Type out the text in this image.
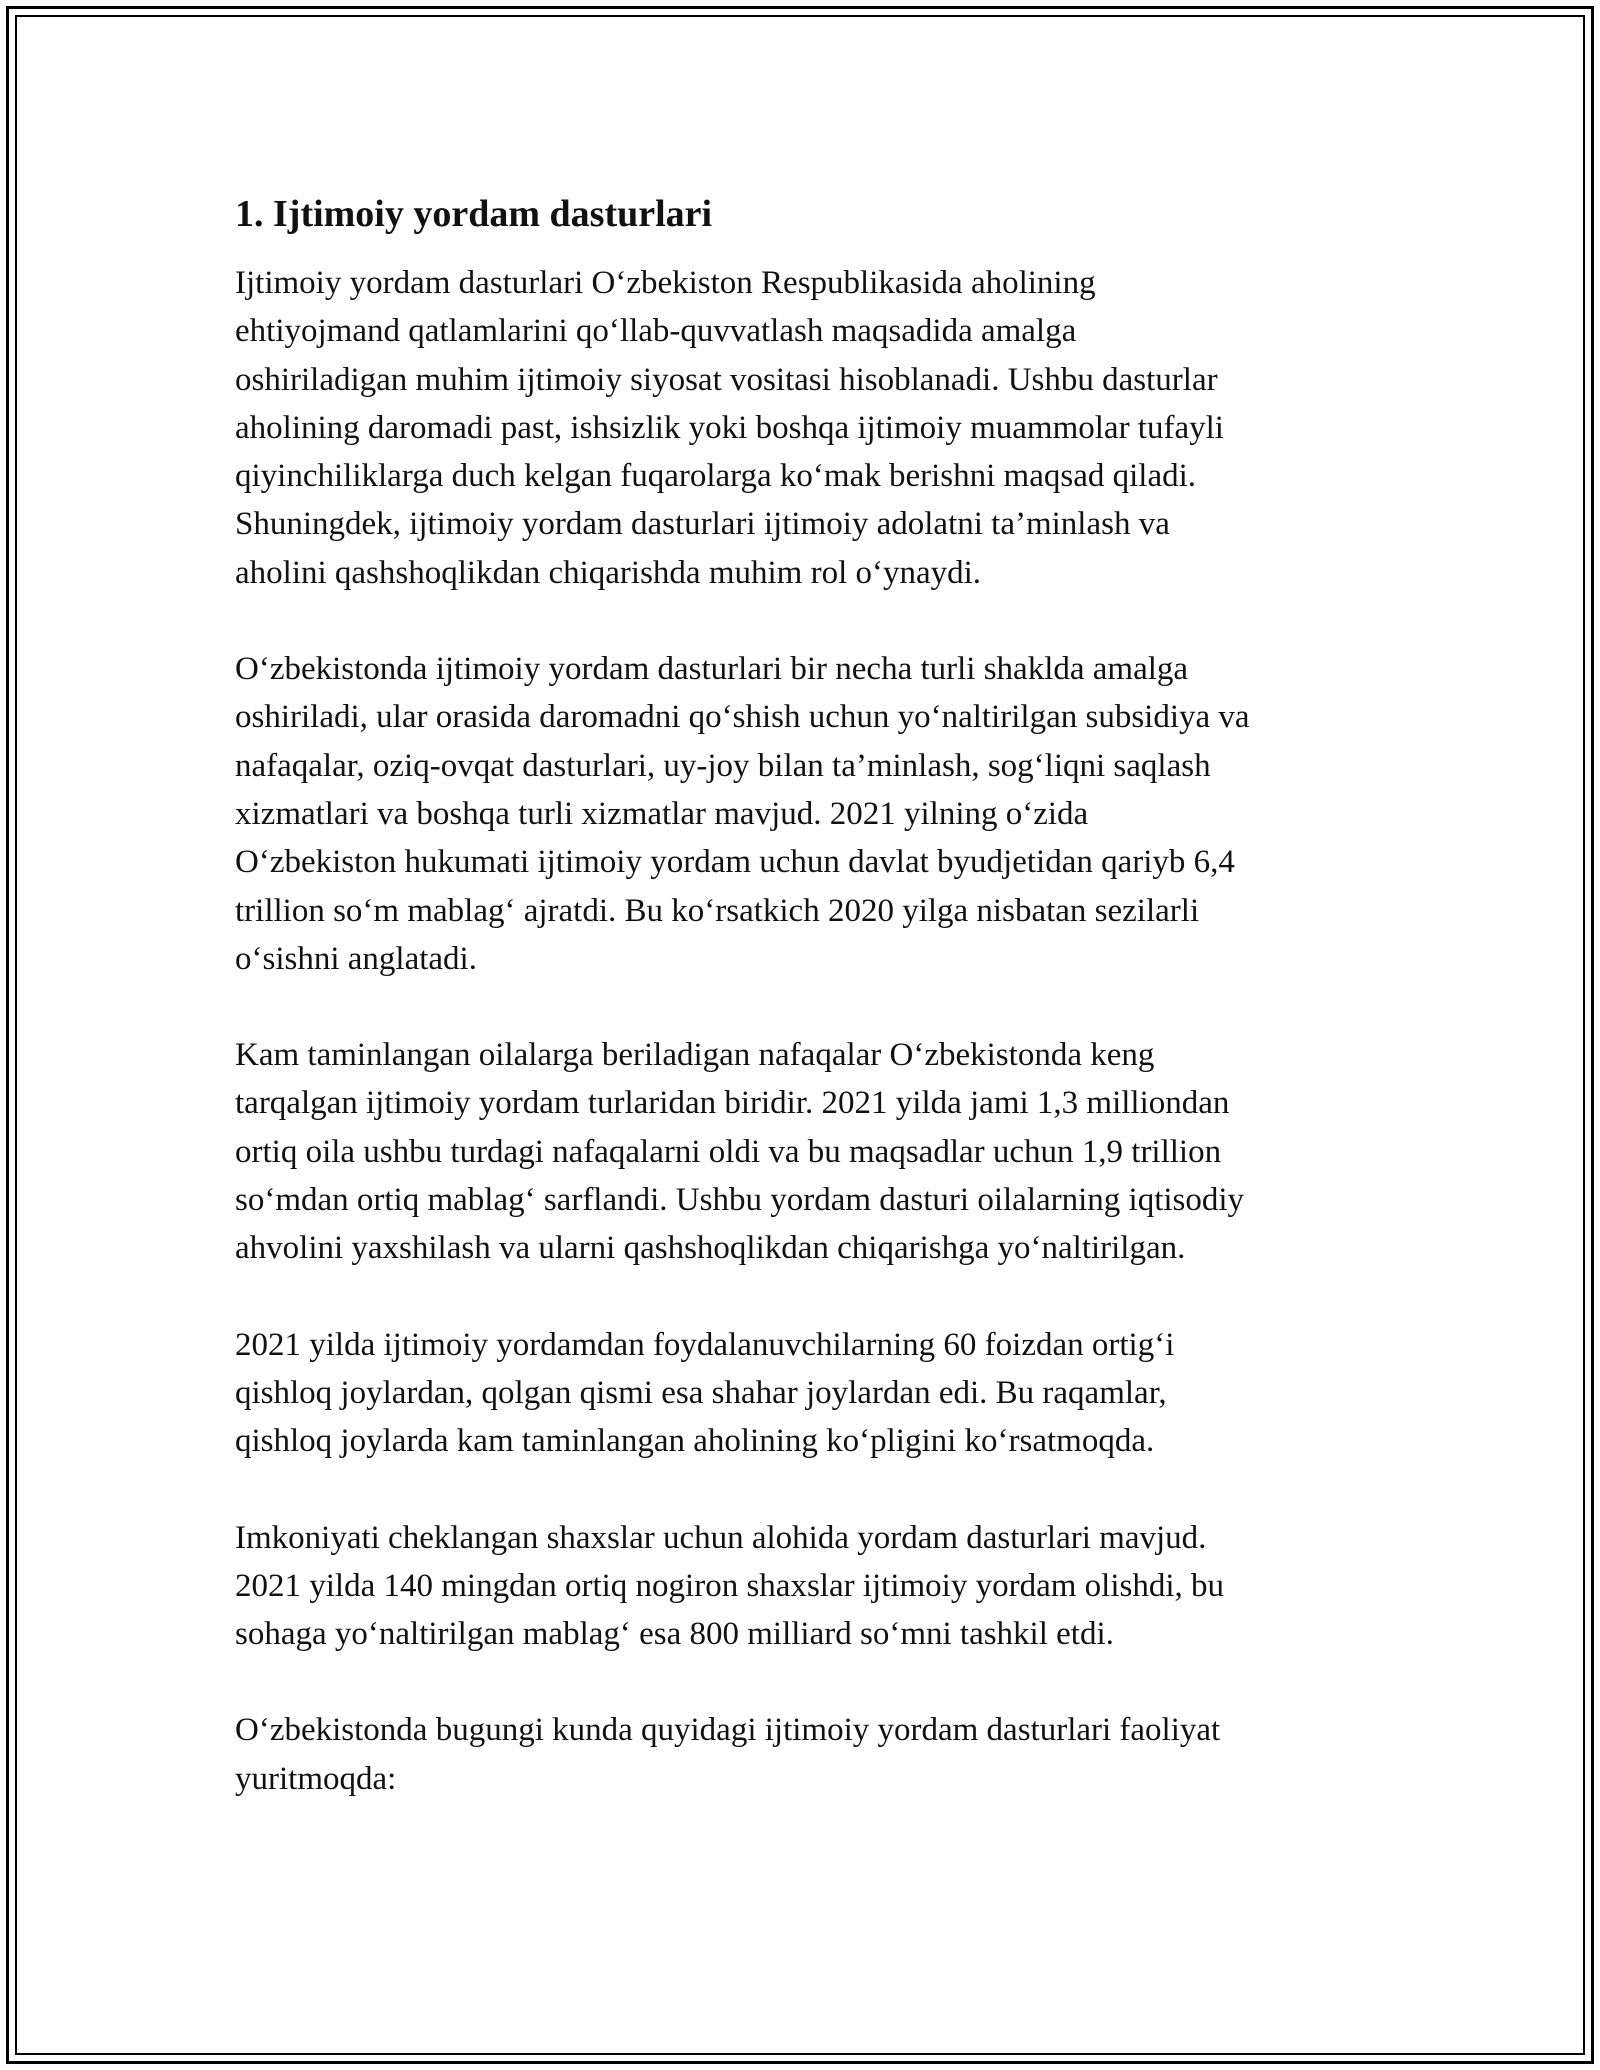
1. Ijtimoiy yordam dasturlari

Ijtimoiy yordam dasturlari O‘zbekiston Respublikasida aholining
ehtiyojmand qatlamlarini qo‘llab-quvvatlash maqsadida amalga
oshiriladigan muhim ijtimoiy siyosat vositasi hisoblanadi. Ushbu dasturlar
aholining daromadi past, ishsizlik yoki boshqa ijtimoiy muammolar tufayli
qiyinchiliklarga duch kelgan fuqarolarga ko‘mak berishni maqsad qiladi.
Shuningdek, ijtimoiy yordam dasturlari ijtimoiy adolatni ta’minlash va
aholini qashshoqlikdan chiqarishda muhim rol o‘ynaydi.

O‘zbekistonda ijtimoiy yordam dasturlari bir necha turli shaklda amalga
oshiriladi, ular orasida daromadni qo‘shish uchun yo‘naltirilgan subsidiya va
nafaqalar, oziq-ovqat dasturlari, uy-joy bilan ta’minlash, sog‘liqni saqlash
xizmatlari va boshqa turli xizmatlar mavjud. 2021 yilning o‘zida
O‘zbekiston hukumati ijtimoiy yordam uchun davlat byudjetidan qariyb 6,4
trillion so‘m mablag‘ ajratdi. Bu ko‘rsatkich 2020 yilga nisbatan sezilarli
o‘sishni anglatadi.

Kam taminlangan oilalarga beriladigan nafaqalar O‘zbekistonda keng
tarqalgan ijtimoiy yordam turlaridan biridir. 2021 yilda jami 1,3 milliondan
ortiq oila ushbu turdagi nafaqalarni oldi va bu maqsadlar uchun 1,9 trillion
so‘mdan ortiq mablag‘ sarflandi. Ushbu yordam dasturi oilalarning iqtisodiy
ahvolini yaxshilash va ularni qashshoqlikdan chiqarishga yo‘naltirilgan.

2021 yilda ijtimoiy yordamdan foydalanuvchilarning 60 foizdan ortig‘i
qishloq joylardan, qolgan qismi esa shahar joylardan edi. Bu raqamlar,
qishloq joylarda kam taminlangan aholining ko‘pligini ko‘rsatmoqda.

Imkoniyati cheklangan shaxslar uchun alohida yordam dasturlari mavjud.
2021 yilda 140 mingdan ortiq nogiron shaxslar ijtimoiy yordam olishdi, bu
sohaga yo‘naltirilgan mablag‘ esa 800 milliard so‘mni tashkil etdi.

O‘zbekistonda bugungi kunda quyidagi ijtimoiy yordam dasturlari faoliyat
yuritmoqda:
